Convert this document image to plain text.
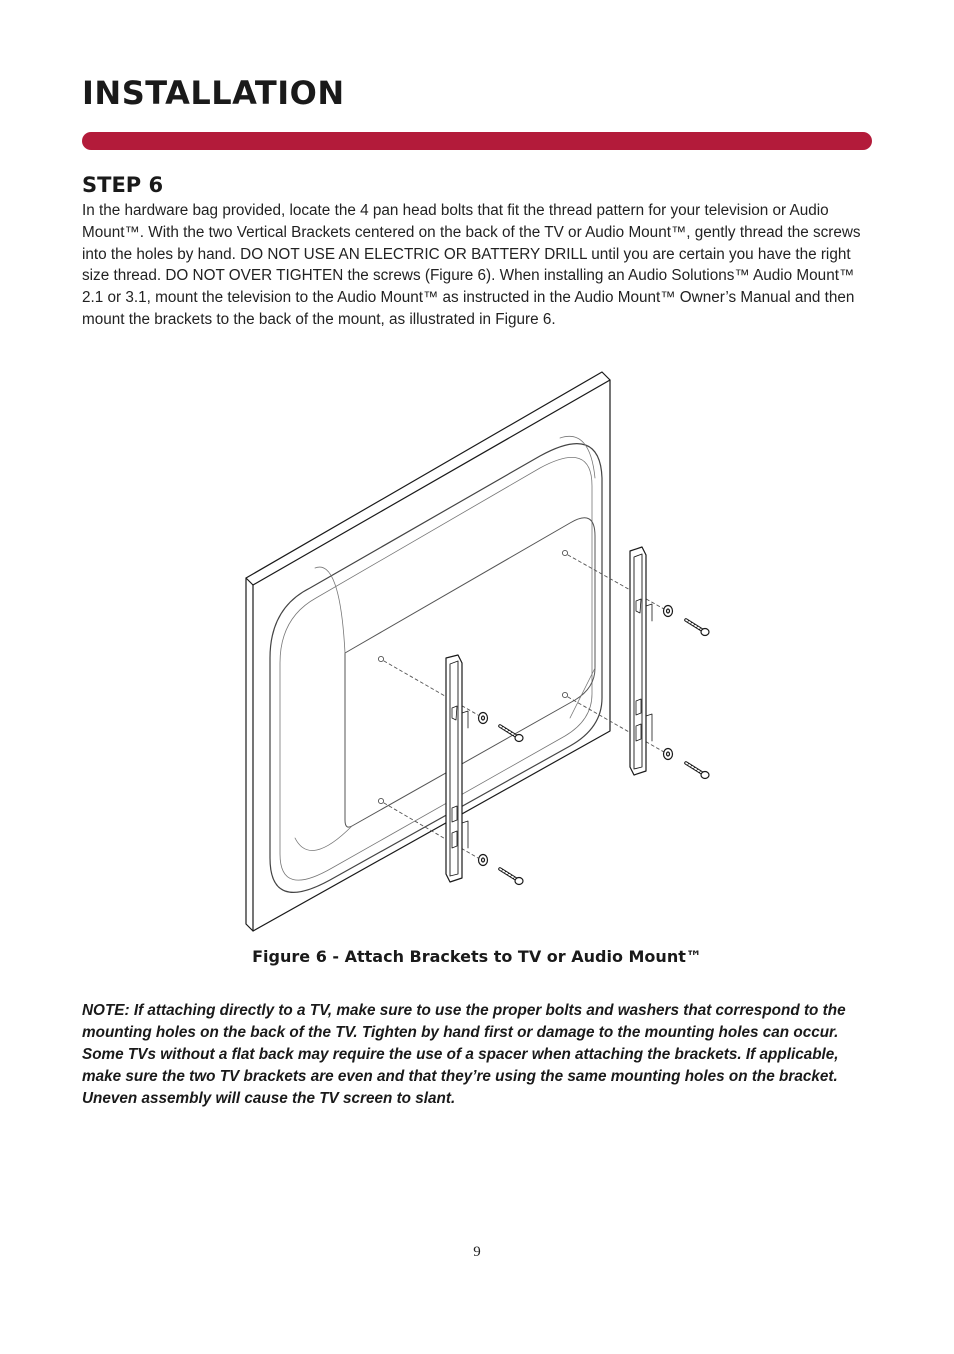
INSTALLATION
STEP 6

In the hardware bag provided, locate the 4 pan head bolts that fit the thread pattern for your television or Audio Mount™. With the two Vertical Brackets centered on the back of the TV or Audio Mount™, gently thread the screws into the holes by hand. DO NOT USE AN ELECTRIC OR BATTERY DRILL until you are certain you have the right size thread. DO NOT OVER TIGHTEN the screws (Figure 6). When installing an Audio Solutions™ Audio Mount™ 2.1 or 3.1, mount the television to the Audio Mount™ as instructed in the Audio Mount™ Owner’s Manual and then mount the brackets to the back of the mount, as illustrated in Figure 6.

Figure 6 - Attach Brackets to TV or Audio Mount™

NOTE: If attaching directly to a TV, make sure to use the proper bolts and washers that correspond to the mounting holes on the back of the TV. Tighten by hand first or damage to the mounting holes can occur. Some TVs without a flat back may require the use of a spacer when attaching the brackets. If applicable, make sure the two TV brackets are even and that they’re using the same mounting holes on the bracket. Uneven assembly will cause the TV screen to slant.

9
